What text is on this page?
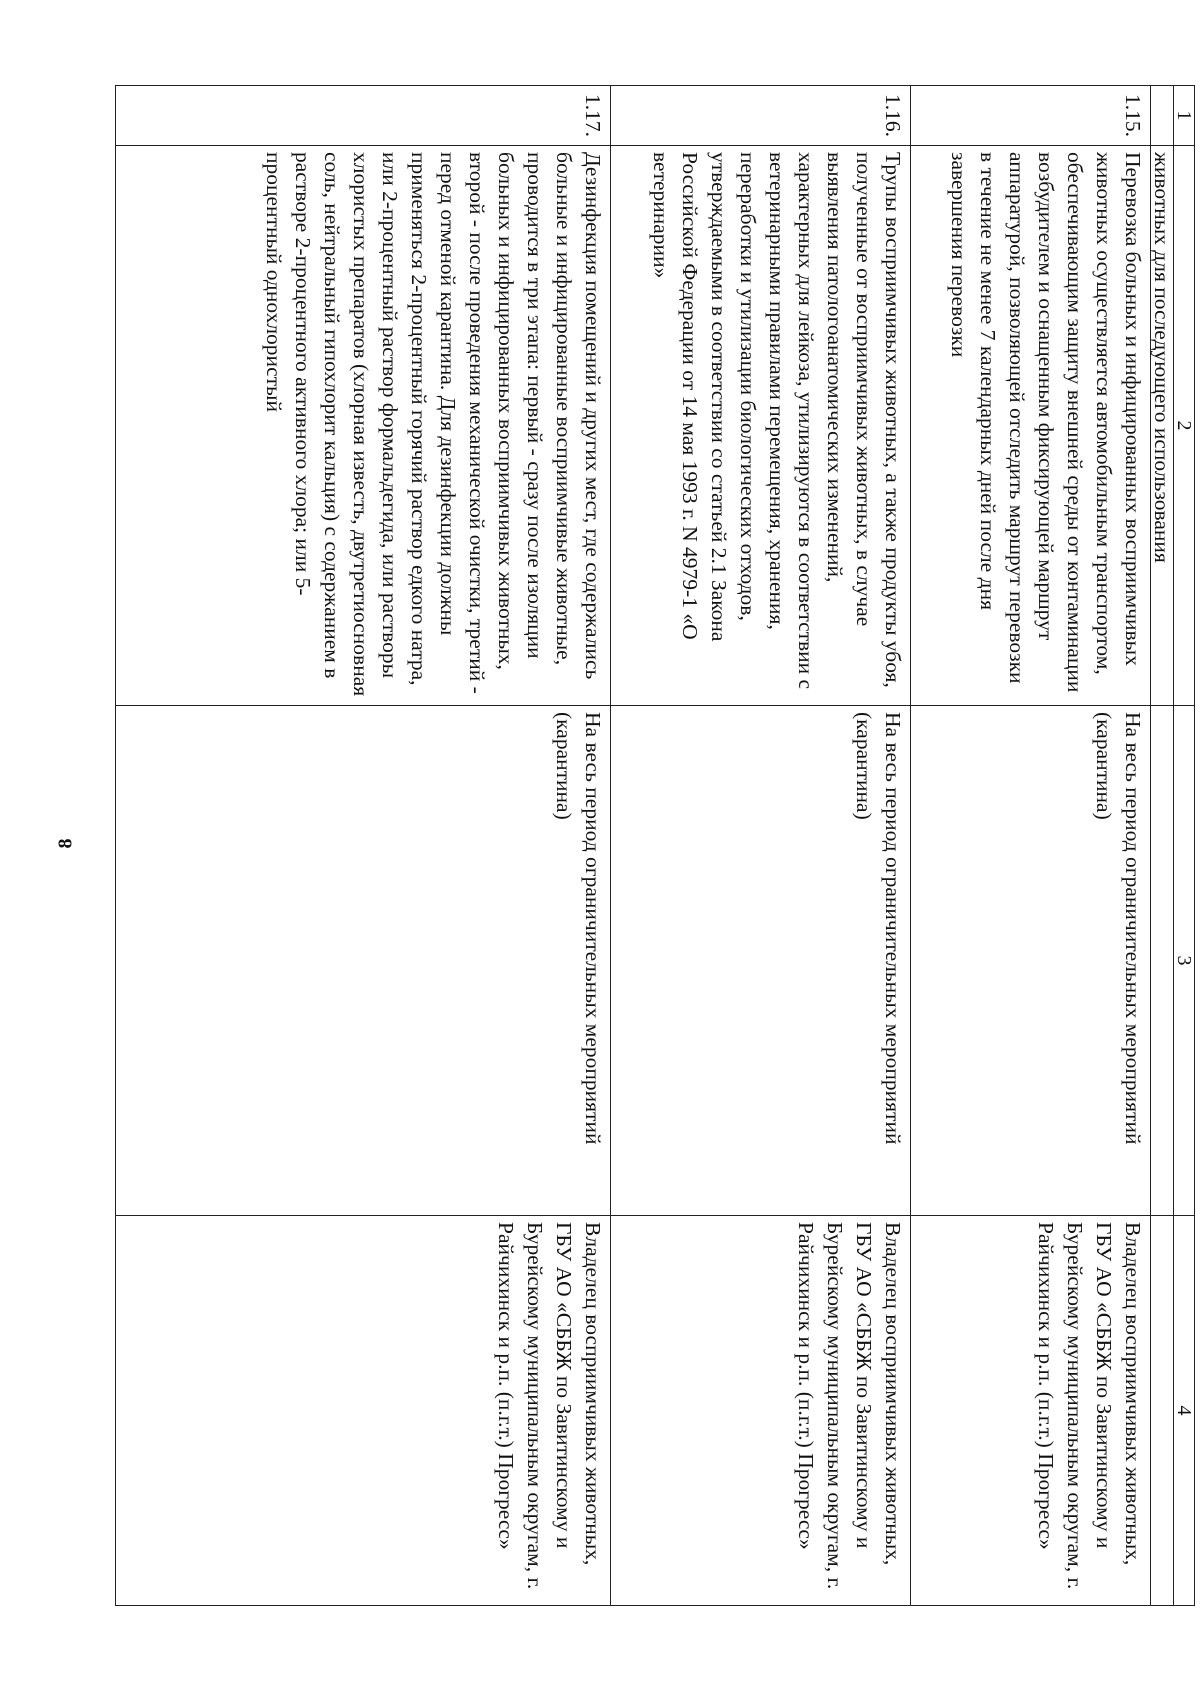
8
1	2	3	4
	животных для последующего использования		
1.15.	Перевозка больных и инфицированных восприимчивых животных осуществляется автомобильным транспортом, обеспечивающим защиту внешней среды от контаминации возбудителем и оснащенным фиксирующей маршрут аппаратурой, позволяющей отследить маршрут перевозки в течение не менее 7 календарных дней после дня завершения перевозки	На весь период ограничительных мероприятий (карантина)	Владелец восприимчивых животных, ГБУ АО «СББЖ по Завитинскому и Бурейскому муниципальным округам, г. Райчихинск и р.п. (п.г.т.) Прогресс»
1.16.	Трупы восприимчивых животных, а также продукты убоя, полученные от восприимчивых животных, в случае выявления патологоанатомических изменений, характерных для лейкоза, утилизируются в соответствии с ветеринарными правилами перемещения, хранения, переработки и утилизации биологических отходов, утверждаемыми в соответствии со статьей 2.1 Закона Российской Федерации от 14 мая 1993 г. N 4979-1 «О ветеринарии»	На весь период ограничительных мероприятий (карантина)	Владелец восприимчивых животных, ГБУ АО «СББЖ по Завитинскому и Бурейскому муниципальным округам, г. Райчихинск и р.п. (п.г.т.) Прогресс»
1.17.	Дезинфекция помещений и других мест, где содержались больные и инфицированные восприимчивые животные, проводится в три этапа: первый - сразу после изоляции больных и инфицированных восприимчивых животных, второй - после проведения механической очистки, третий - перед отменой карантина. Для дезинфекции должны применяться 2-процентный горячий раствор едкого натра, или 2-процентный раствор формальдегида, или растворы хлористых препаратов (хлорная известь, двутретиосновная соль, нейтральный гипохлорит кальция) с содержанием в растворе 2-процентного активного хлора; или 5-процентный однохлористый	На весь период ограничительных мероприятий (карантина)	Владелец восприимчивых животных, ГБУ АО «СББЖ по Завитинскому и Бурейскому муниципальным округам, г. Райчихинск и р.п. (п.г.т.) Прогресс»
